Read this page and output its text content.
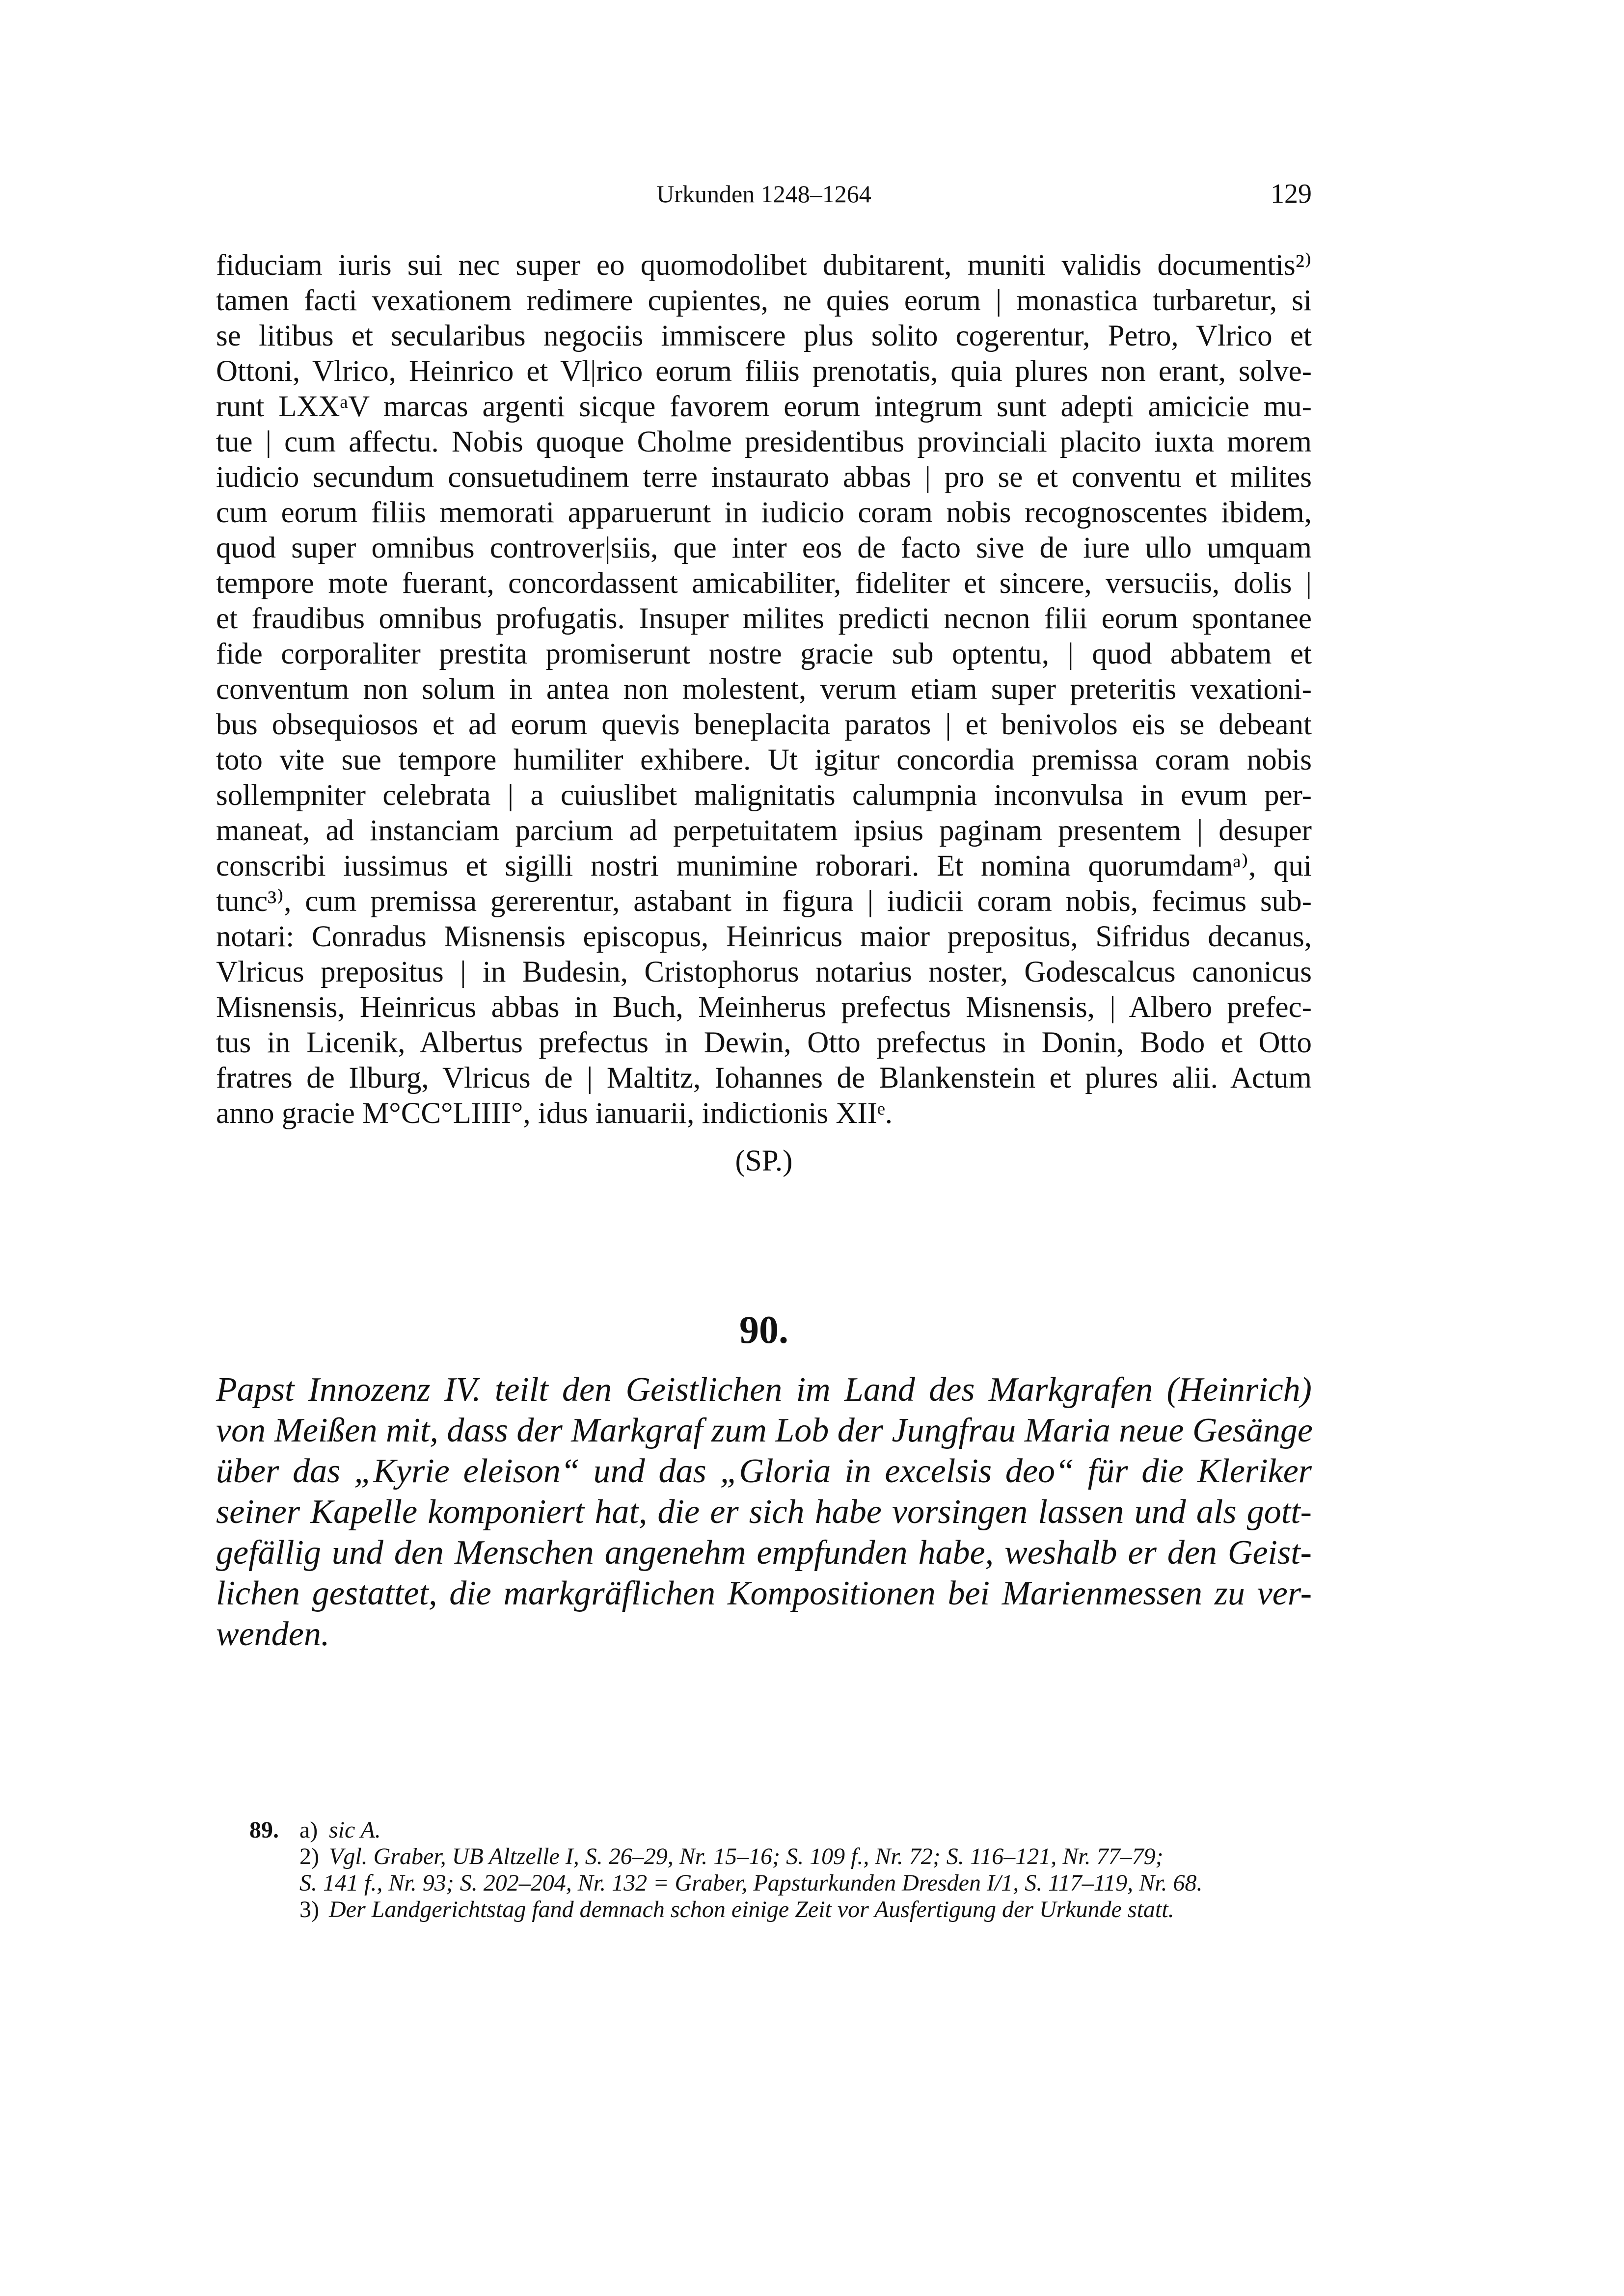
Urkunden 1248–1264	129
fiduciam iuris sui nec super eo quomodolibet dubitarent, muniti validis documentis²⁾
tamen facti vexationem redimere cupientes, ne quies eorum | monastica turbaretur, si
se litibus et secularibus negociis immiscere plus solito cogerentur, Petro, Vlrico et
Ottoni, Vlrico, Heinrico et Vl|rico eorum filiis prenotatis, quia plures non erant, solve-
runt LXXᵃV marcas argenti sicque favorem eorum integrum sunt adepti amicicie mu-
tue | cum affectu. Nobis quoque Cholme presidentibus provinciali placito iuxta morem
iudicio secundum consuetudinem terre instaurato abbas | pro se et conventu et milites
cum eorum filiis memorati apparuerunt in iudicio coram nobis recognoscentes ibidem,
quod super omnibus controver|siis, que inter eos de facto sive de iure ullo umquam
tempore mote fuerant, concordassent amicabiliter, fideliter et sincere, versuciis, dolis |
et fraudibus omnibus profugatis. Insuper milites predicti necnon filii eorum spontanee
fide corporaliter prestita promiserunt nostre gracie sub optentu, | quod abbatem et
conventum non solum in antea non molestent, verum etiam super preteritis vexationi-
bus obsequiosos et ad eorum quevis beneplacita paratos | et benivolos eis se debeant
toto vite sue tempore humiliter exhibere. Ut igitur concordia premissa coram nobis
sollempniter celebrata | a cuiuslibet malignitatis calumpnia inconvulsa in evum per-
maneat, ad instanciam parcium ad perpetuitatem ipsius paginam presentem | desuper
conscribi iussimus et sigilli nostri munimine roborari. Et nomina quorumdamᵃ⁾, qui
tunc³⁾, cum premissa gererentur, astabant in figura | iudicii coram nobis, fecimus sub-
notari: Conradus Misnensis episcopus, Heinricus maior prepositus, Sifridus decanus,
Vlricus prepositus | in Budesin, Cristophorus notarius noster, Godescalcus canonicus
Misnensis, Heinricus abbas in Buch, Meinherus prefectus Misnensis, | Albero prefec-
tus in Licenik, Albertus prefectus in Dewin, Otto prefectus in Donin, Bodo et Otto
fratres de Ilburg, Vlricus de | Maltitz, Iohannes de Blankenstein et plures alii. Actum
anno gracie M°CC°LIIII°, idus ianuarii, indictionis XIIᵉ.
(SP.)
90.
Papst Innozenz IV. teilt den Geistlichen im Land des Markgrafen (Heinrich)
von Meißen mit, dass der Markgraf zum Lob der Jungfrau Maria neue Gesänge
über das „Kyrie eleison“ und das „Gloria in excelsis deo“ für die Kleriker
seiner Kapelle komponiert hat, die er sich habe vorsingen lassen und als gott-
gefällig und den Menschen angenehm empfunden habe, weshalb er den Geist-
lichen gestattet, die markgräflichen Kompositionen bei Marienmessen zu ver-
wenden.
89. a) sic A.
2) Vgl. Graber, UB Altzelle I, S. 26–29, Nr. 15–16; S. 109 f., Nr. 72; S. 116–121, Nr. 77–79;
S. 141 f., Nr. 93; S. 202–204, Nr. 132 = Graber, Papsturkunden Dresden I/1, S. 117–119, Nr. 68.
3) Der Landgerichtstag fand demnach schon einige Zeit vor Ausfertigung der Urkunde statt.
